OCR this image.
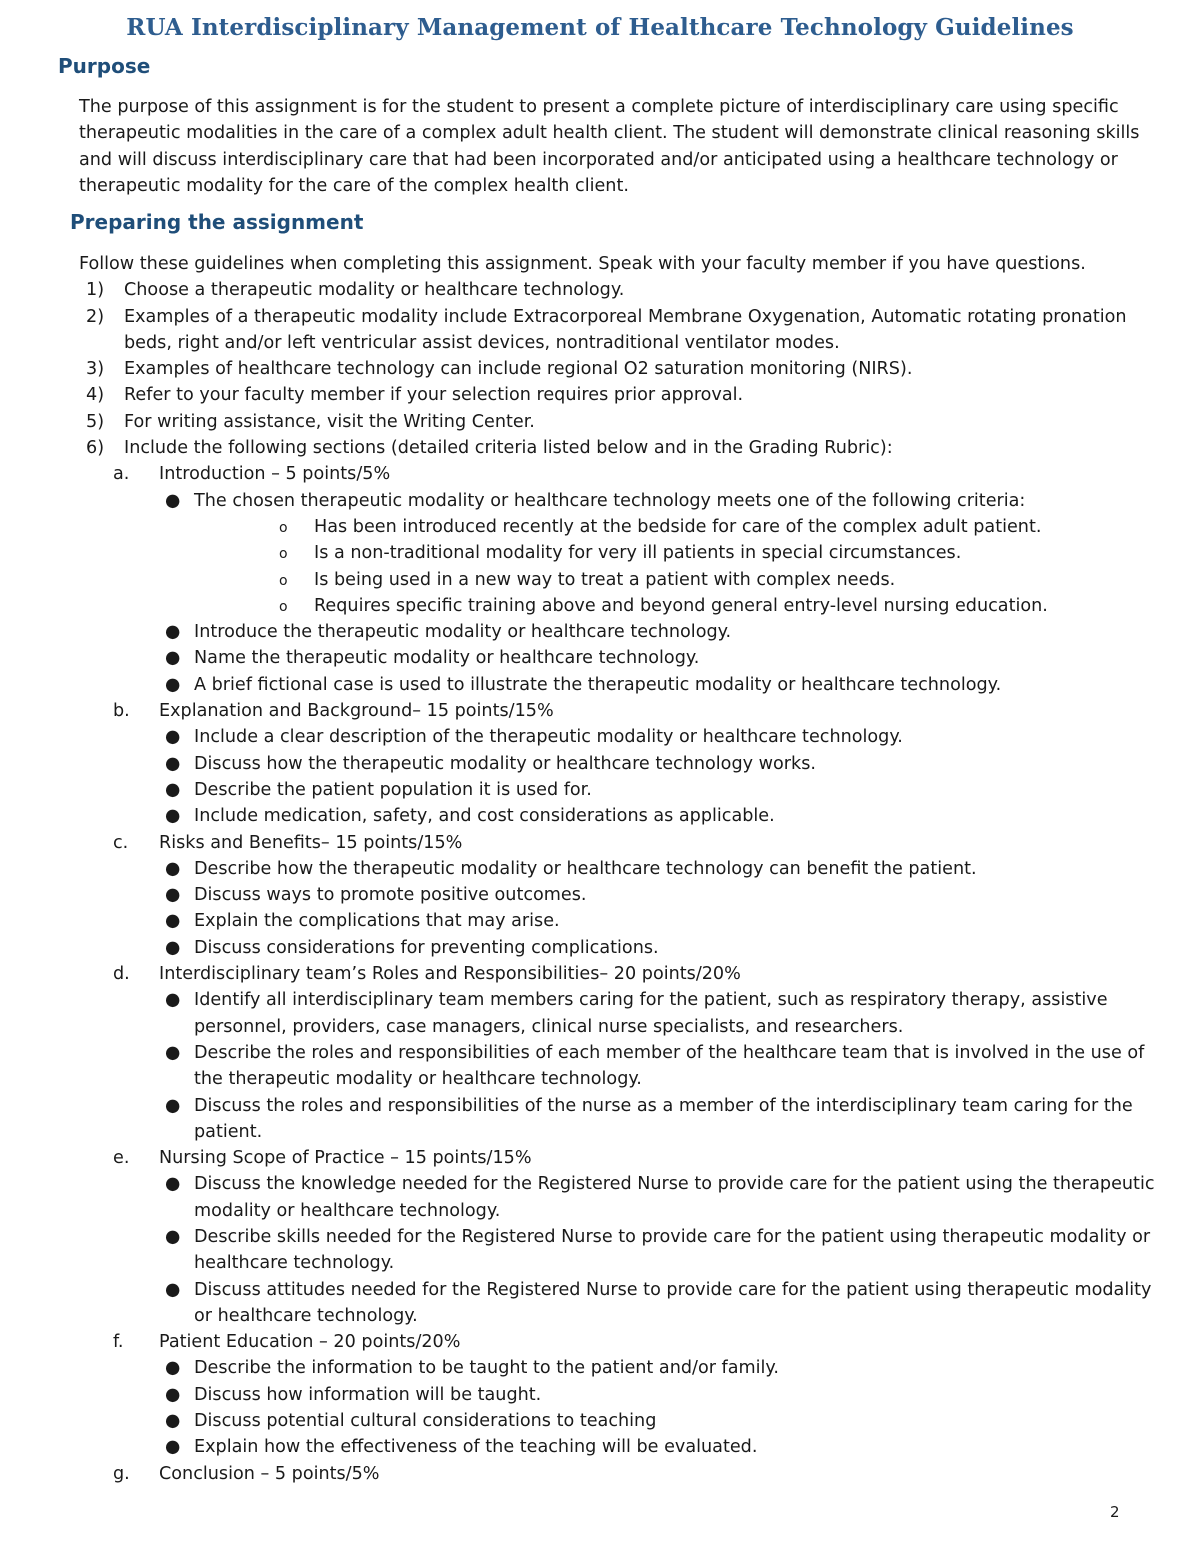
RUA Interdisciplinary Management of Healthcare Technology Guidelines
Purpose

The purpose of this assignment is for the student to present a complete picture of interdisciplinary care using specific therapeutic modalities in the care of a complex adult health client. The student will demonstrate clinical reasoning skills and will discuss interdisciplinary care that had been incorporated and/or anticipated using a healthcare technology or therapeutic modality for the care of the complex health client.

Preparing the assignment

Follow these guidelines when completing this assignment. Speak with your faculty member if you have questions.

1) Choose a therapeutic modality or healthcare technology.
2) Examples of a therapeutic modality include Extracorporeal Membrane Oxygenation, Automatic rotating pronation beds, right and/or left ventricular assist devices, nontraditional ventilator modes.
3) Examples of healthcare technology can include regional O2 saturation monitoring (NIRS).
4) Refer to your faculty member if your selection requires prior approval.
5) For writing assistance, visit the Writing Center.
6) Include the following sections (detailed criteria listed below and in the Grading Rubric):
a. Introduction – 5 points/5%
● The chosen therapeutic modality or healthcare technology meets one of the following criteria:
o Has been introduced recently at the bedside for care of the complex adult patient.
o Is a non-traditional modality for very ill patients in special circumstances.
o Is being used in a new way to treat a patient with complex needs.
o Requires specific training above and beyond general entry-level nursing education.
● Introduce the therapeutic modality or healthcare technology.
● Name the therapeutic modality or healthcare technology.
● A brief fictional case is used to illustrate the therapeutic modality or healthcare technology.
b. Explanation and Background– 15 points/15%
● Include a clear description of the therapeutic modality or healthcare technology.
● Discuss how the therapeutic modality or healthcare technology works.
● Describe the patient population it is used for.
● Include medication, safety, and cost considerations as applicable.
c. Risks and Benefits– 15 points/15%
● Describe how the therapeutic modality or healthcare technology can benefit the patient.
● Discuss ways to promote positive outcomes.
● Explain the complications that may arise.
● Discuss considerations for preventing complications.
d. Interdisciplinary team’s Roles and Responsibilities– 20 points/20%
● Identify all interdisciplinary team members caring for the patient, such as respiratory therapy, assistive personnel, providers, case managers, clinical nurse specialists, and researchers.
● Describe the roles and responsibilities of each member of the healthcare team that is involved in the use of the therapeutic modality or healthcare technology.
● Discuss the roles and responsibilities of the nurse as a member of the interdisciplinary team caring for the patient.
e. Nursing Scope of Practice – 15 points/15%
● Discuss the knowledge needed for the Registered Nurse to provide care for the patient using the therapeutic modality or healthcare technology.
● Describe skills needed for the Registered Nurse to provide care for the patient using therapeutic modality or healthcare technology.
● Discuss attitudes needed for the Registered Nurse to provide care for the patient using therapeutic modality or healthcare technology.
f. Patient Education – 20 points/20%
● Describe the information to be taught to the patient and/or family.
● Discuss how information will be taught.
● Discuss potential cultural considerations to teaching
● Explain how the effectiveness of the teaching will be evaluated.
g. Conclusion – 5 points/5%
2
